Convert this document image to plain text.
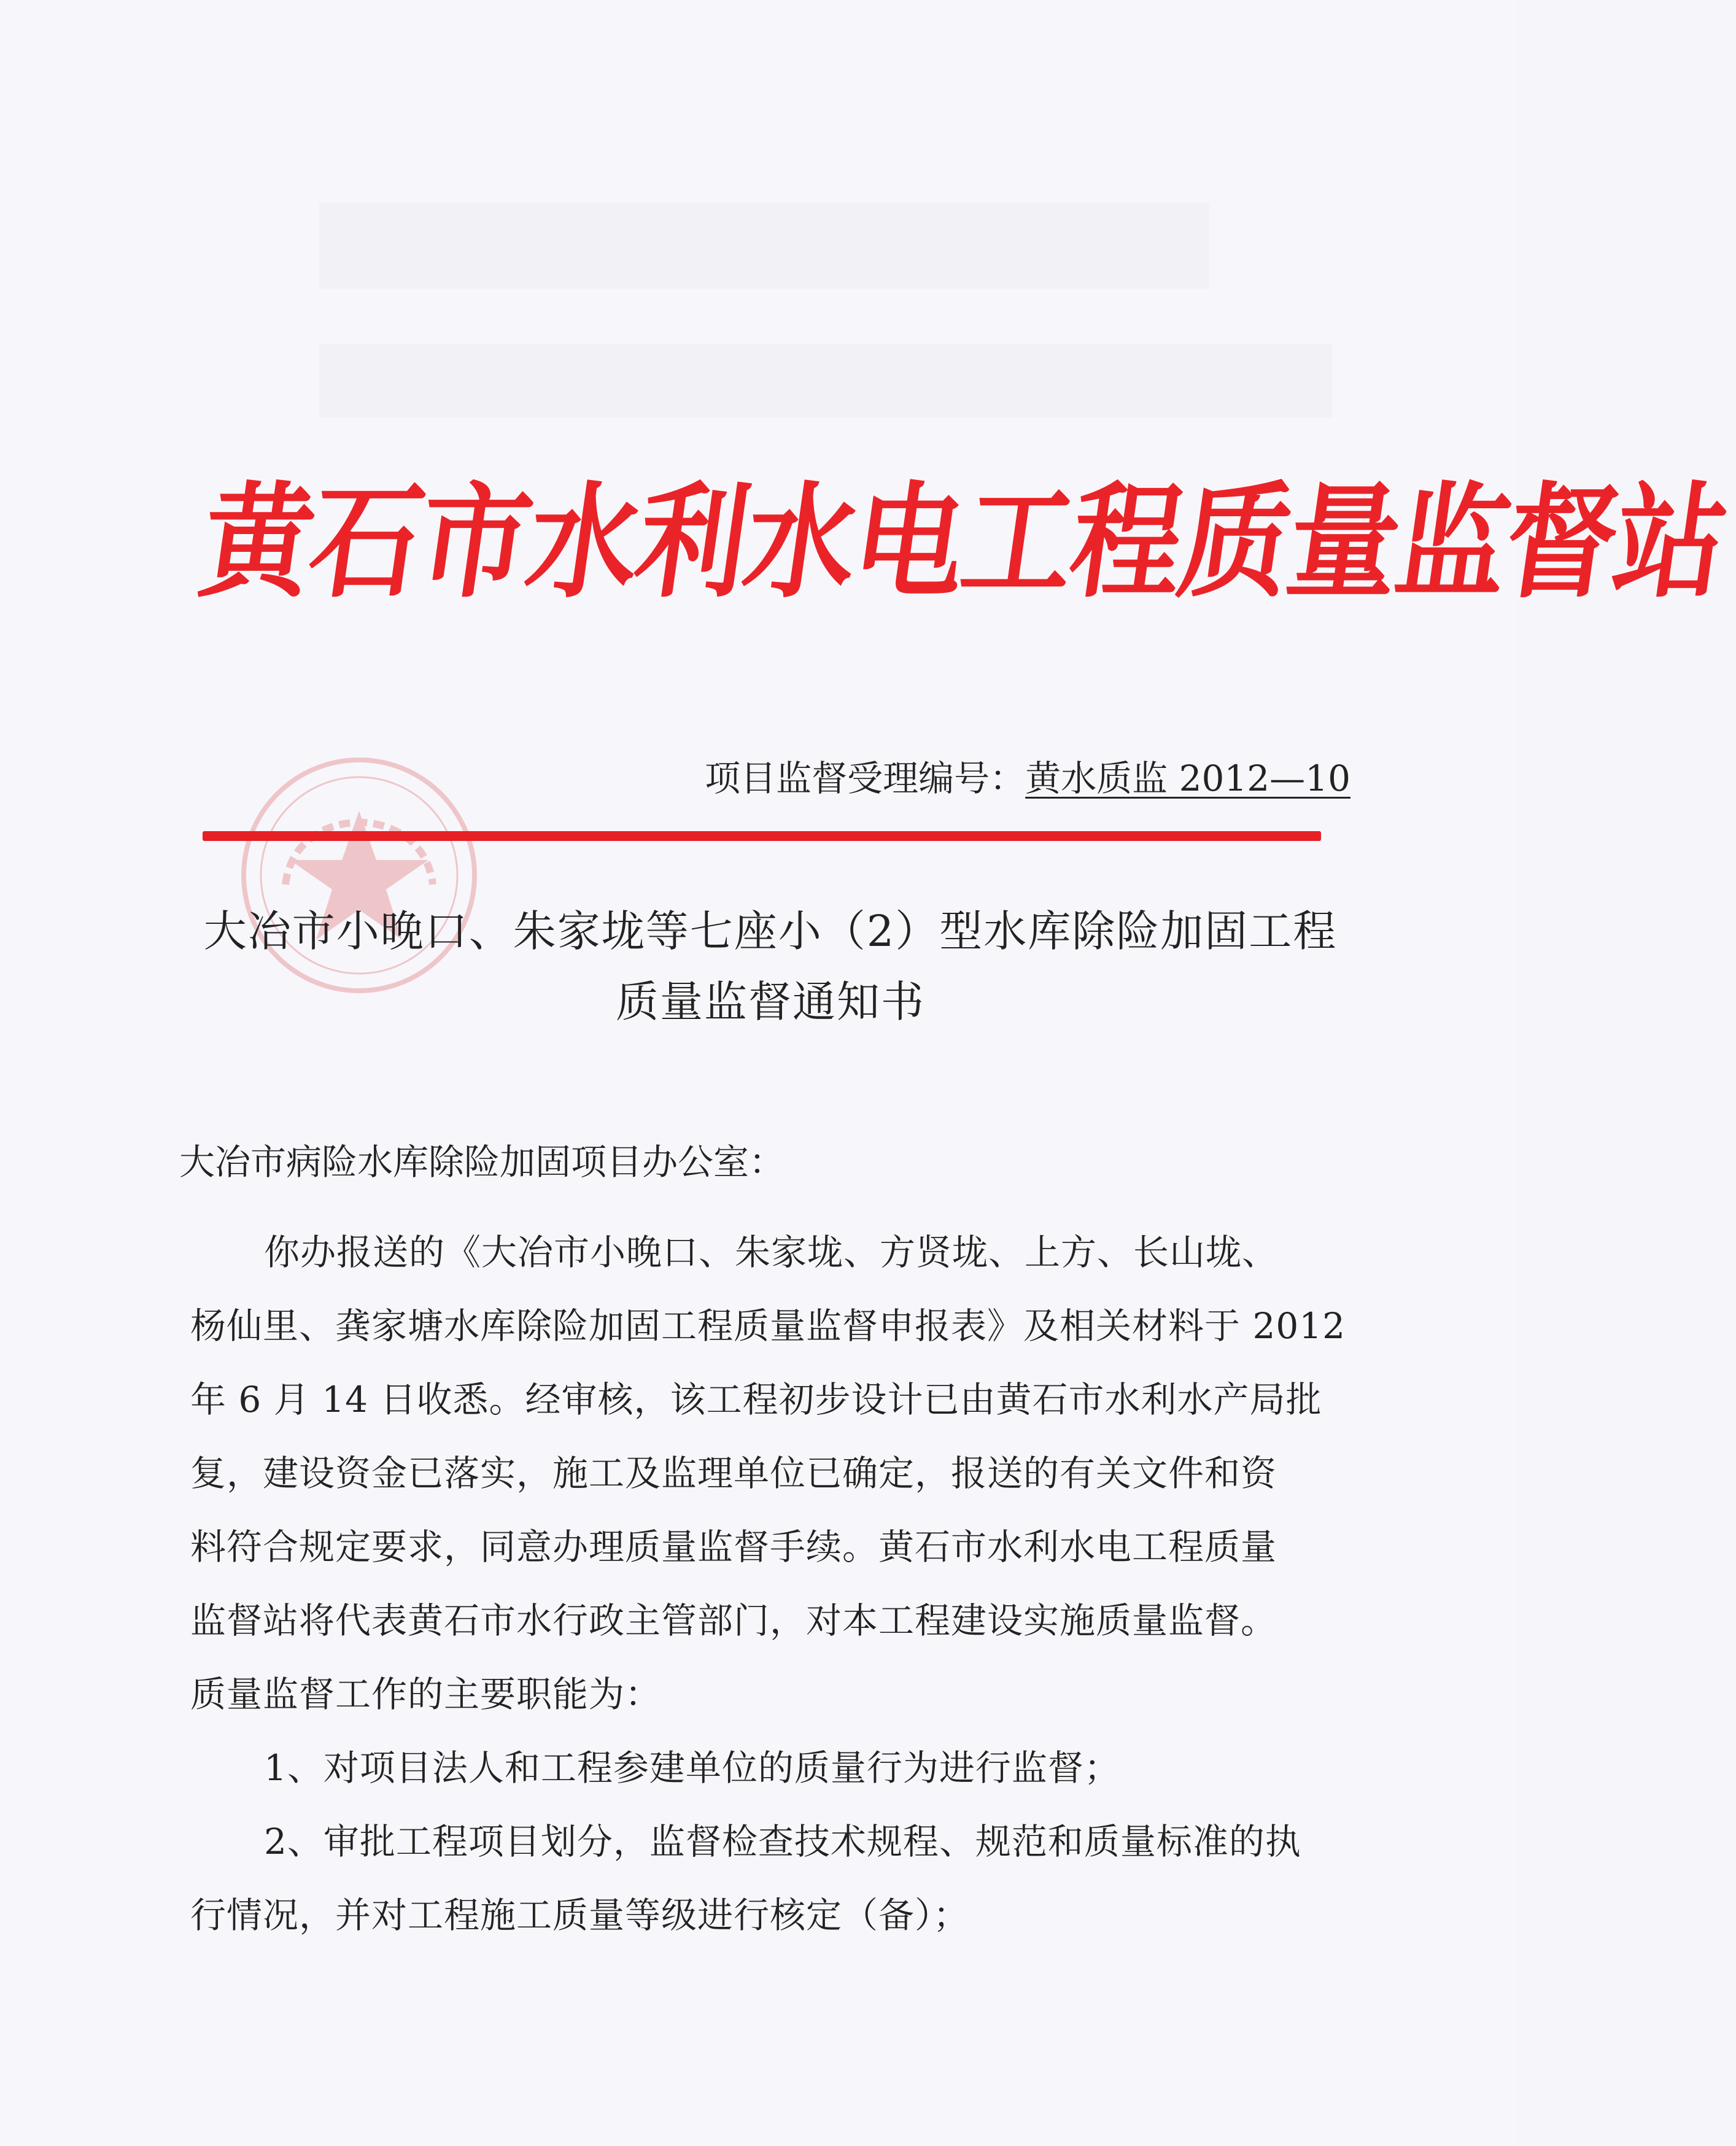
黄石市水利水电工程质量监督站
项目监督受理编号：黄水质监 2012—10
大冶市小晚口、朱家垅等七座小（2）型水库除险加固工程
质量监督通知书
大冶市病险水库除险加固项目办公室：
你办报送的《大冶市小晚口、朱家垅、方贤垅、上方、长山垅、
杨仙里、龚家塘水库除险加固工程质量监督申报表》及相关材料于 2012
年 6 月 14 日收悉。经审核，该工程初步设计已由黄石市水利水产局批
复，建设资金已落实，施工及监理单位已确定，报送的有关文件和资
料符合规定要求，同意办理质量监督手续。黄石市水利水电工程质量
监督站将代表黄石市水行政主管部门，对本工程建设实施质量监督。
质量监督工作的主要职能为：
1、对项目法人和工程参建单位的质量行为进行监督；
2、审批工程项目划分，监督检查技术规程、规范和质量标准的执
行情况，并对工程施工质量等级进行核定（备）；
